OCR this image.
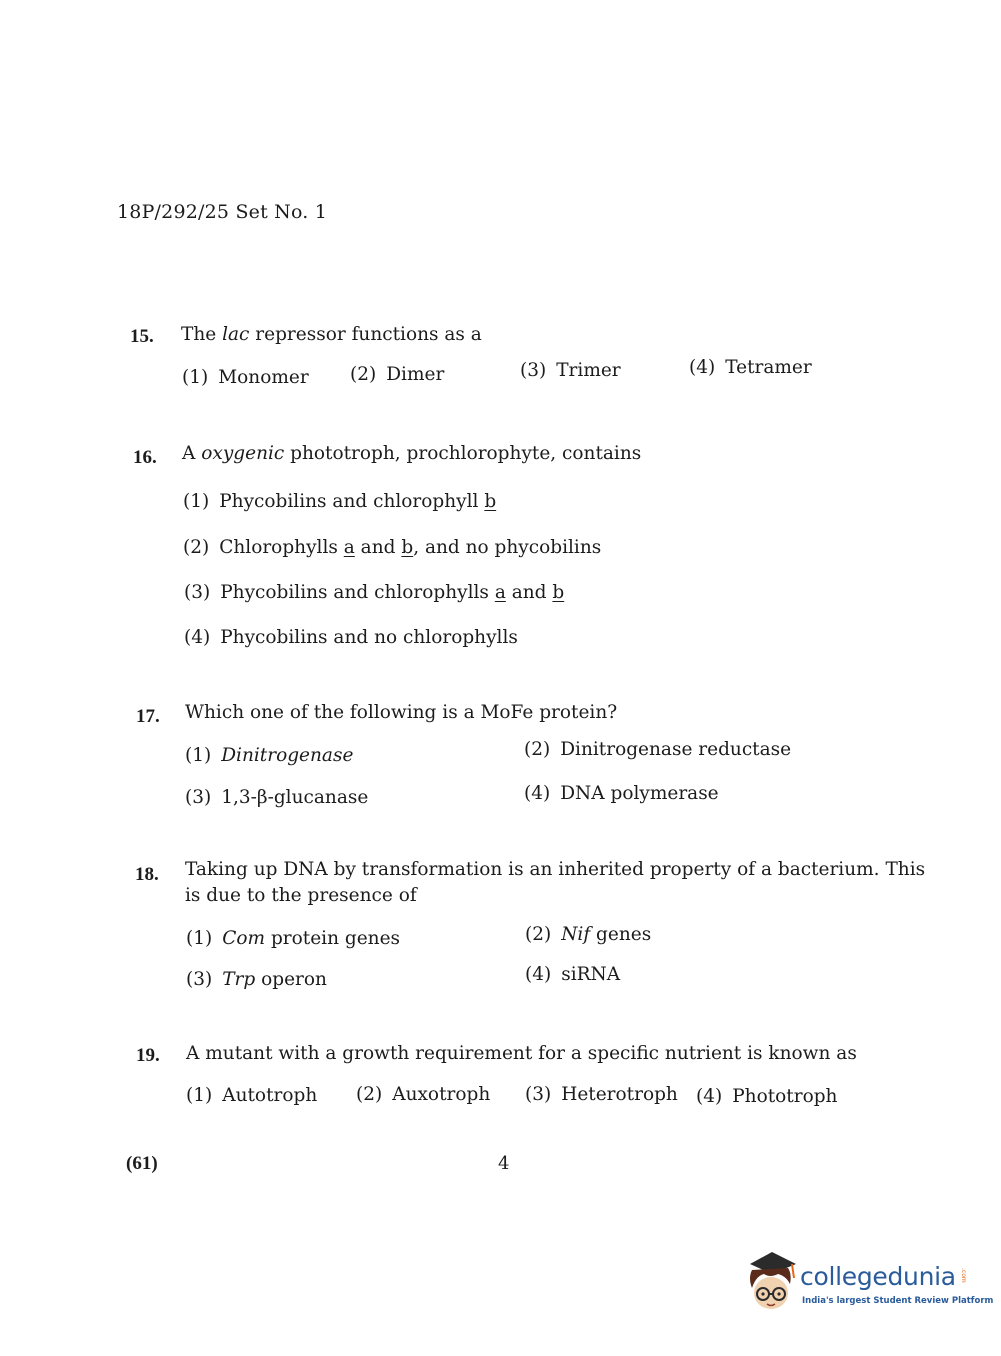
18P/292/25 Set No. 1
15. The lac repressor functions as a
(1) Monomer (2) Dimer	(3) Trimer	(4) Tetramer
16. A oxygenic phototroph, prochlorophyte, contains
(1) Phycobilins and chlorophyll b
(2) Chlorophylls a and b, and no phycobilins
(3) Phycobilins and chlorophylls a and b
(4) Phycobilins and no chlorophylls
17. Which one of the following is a MoFe protein?
(1) Dinitrogenase	(2) Dinitrogenase reductase
(3) 1,3-β-glucanase	(4) DNA polymerase
18. Taking up DNA by transformation is an inherited property of a bacterium. This
is due to the presence of
(1) Com protein genes	(2) Nif genes
(3) Trp operon	(4) siRNA
19. A mutant with a growth requirement for a specific nutrient is known as
(1) Autotroph (2) Auxotroph (3) Heterotroph (4) Phototroph
(61)	4
collegedunia .com
India's largest Student Review Platform
